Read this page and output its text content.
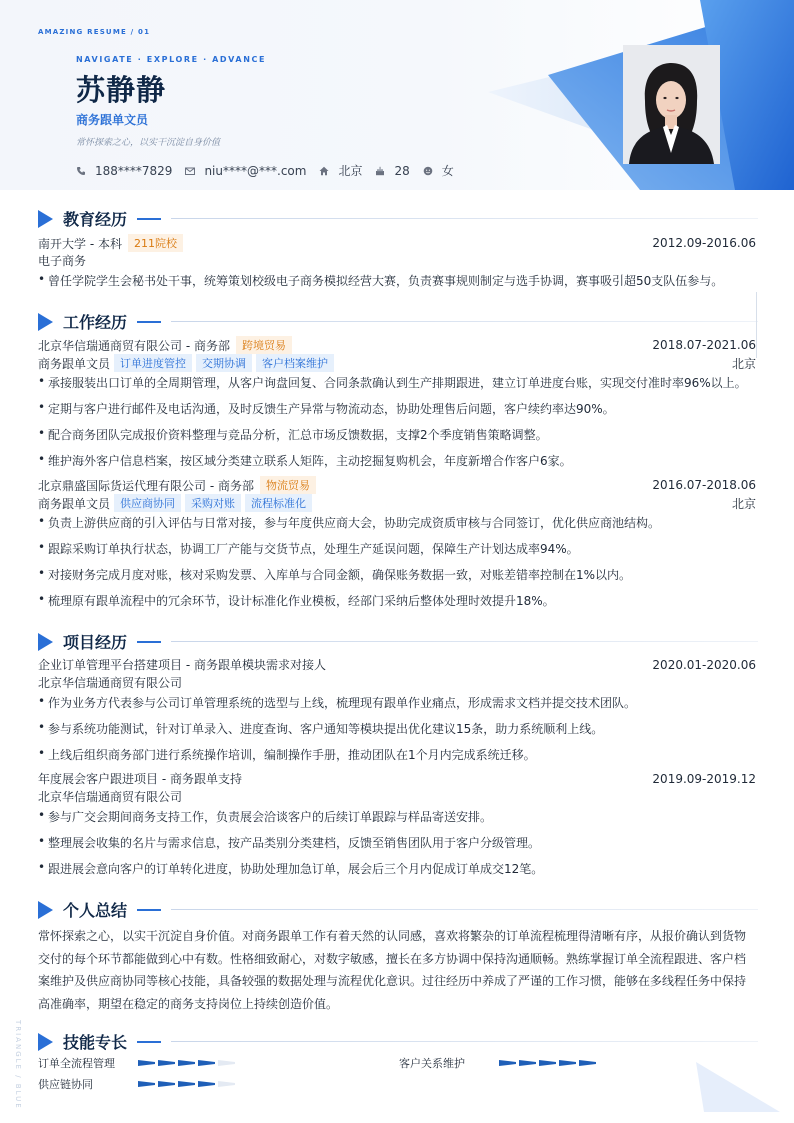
AMAZING RESUME / 01
NAVIGATE · EXPLORE · ADVANCE
苏静静
商务跟单文员
常怀探索之心，以实干沉淀自身价值
188****7829	niu****@***.com	北京	28	女
教育经历
南开大学 - 本科	211院校	2012.09-2016.06
电子商务
• 曾任学院学生会秘书处干事，统筹策划校级电子商务模拟经营大赛，负责赛事规则制定与选手协调，赛事吸引超50支队伍参与。
工作经历
北京华信瑞通商贸有限公司 - 商务部	跨境贸易	2018.07-2021.06
商务跟单文员 订单进度管控	交期协调	客户档案维护	北京
• 承接服装出口订单的全周期管理，从客户询盘回复、合同条款确认到生产排期跟进，建立订单进度台账，实现交付准时率96%以上。
• 定期与客户进行邮件及电话沟通，及时反馈生产异常与物流动态，协助处理售后问题，客户续约率达90%。
• 配合商务团队完成报价资料整理与竞品分析，汇总市场反馈数据，支撑2个季度销售策略调整。
• 维护海外客户信息档案，按区域分类建立联系人矩阵，主动挖掘复购机会，年度新增合作客户6家。
北京鼎盛国际货运代理有限公司 - 商务部	物流贸易	2016.07-2018.06
商务跟单文员 供应商协同	采购对账	流程标准化	北京
• 负责上游供应商的引入评估与日常对接，参与年度供应商大会，协助完成资质审核与合同签订，优化供应商池结构。
• 跟踪采购订单执行状态，协调工厂产能与交货节点，处理生产延误问题，保障生产计划达成率94%。
• 对接财务完成月度对账，核对采购发票、入库单与合同金额，确保账务数据一致，对账差错率控制在1%以内。
• 梳理原有跟单流程中的冗余环节，设计标准化作业模板，经部门采纳后整体处理时效提升18%。
项目经历
企业订单管理平台搭建项目 - 商务跟单模块需求对接人	2020.01-2020.06
北京华信瑞通商贸有限公司
• 作为业务方代表参与公司订单管理系统的选型与上线，梳理现有跟单作业痛点，形成需求文档并提交技术团队。
• 参与系统功能测试，针对订单录入、进度查询、客户通知等模块提出优化建议15条，助力系统顺利上线。
• 上线后组织商务部门进行系统操作培训，编制操作手册，推动团队在1个月内完成系统迁移。
年度展会客户跟进项目 - 商务跟单支持	2019.09-2019.12
北京华信瑞通商贸有限公司
• 参与广交会期间商务支持工作，负责展会洽谈客户的后续订单跟踪与样品寄送安排。
• 整理展会收集的名片与需求信息，按产品类别分类建档，反馈至销售团队用于客户分级管理。
• 跟进展会意向客户的订单转化进度，协助处理加急订单，展会后三个月内促成订单成交12笔。
个人总结
常怀探索之心，以实干沉淀自身价值。对商务跟单工作有着天然的认同感，喜欢将繁杂的订单流程梳理得清晰有序，从报价确认到货物交付的每个环节都能做到心中有数。性格细致耐心，对数字敏感，擅长在多方协调中保持沟通顺畅。熟练掌握订单全流程跟进、客户档案维护及供应商协同等核心技能，具备较强的数据处理与流程优化意识。过往经历中养成了严谨的工作习惯，能够在多线程任务中保持高准确率，期望在稳定的商务支持岗位上持续创造价值。
技能专长
订单全流程管理	客户关系维护
供应链协同
TRIANGLE / BLUE
